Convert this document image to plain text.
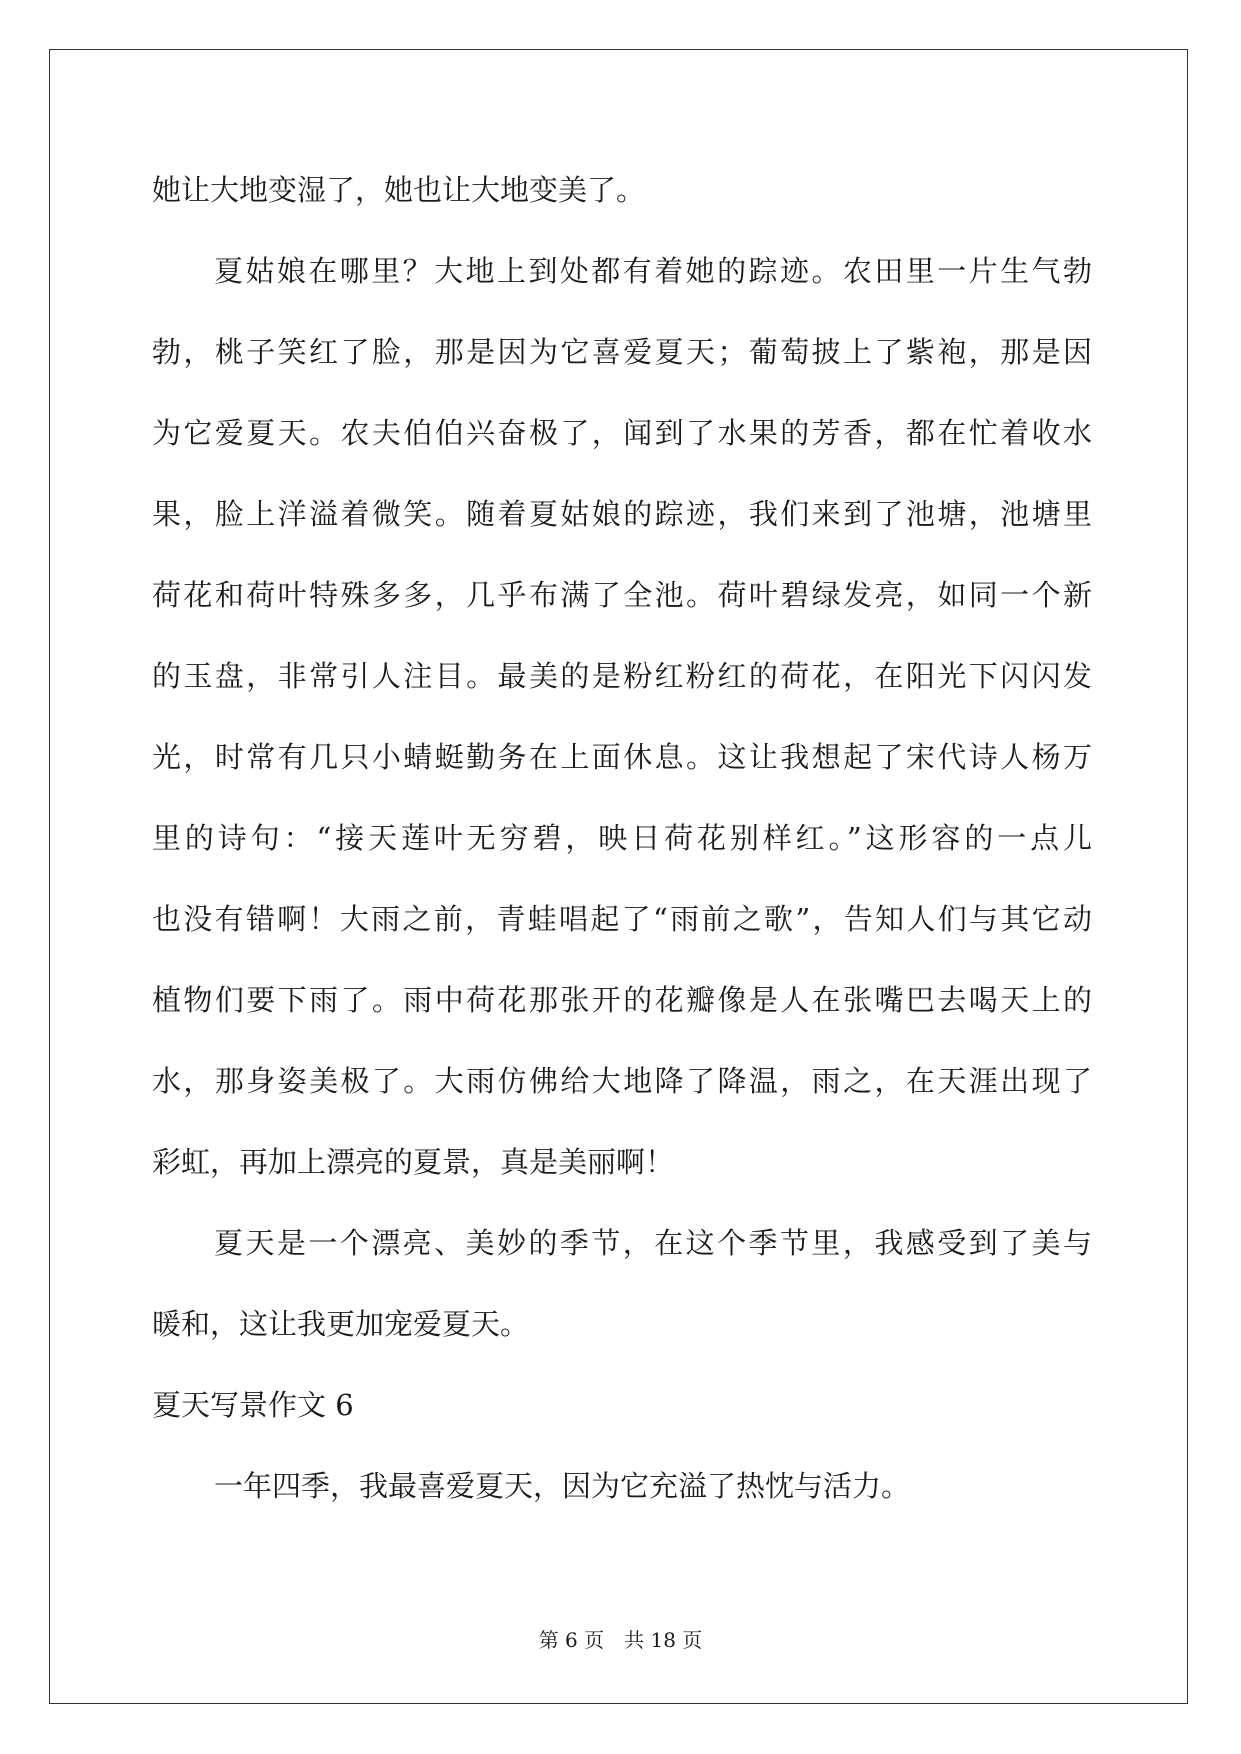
她让大地变湿了，她也让大地变美了。
夏姑娘在哪里？大地上到处都有着她的踪迹。农田里一片生气勃
勃，桃子笑红了脸，那是因为它喜爱夏天；葡萄披上了紫袍，那是因
为它爱夏天。农夫伯伯兴奋极了，闻到了水果的芳香，都在忙着收水
果，脸上洋溢着微笑。随着夏姑娘的踪迹，我们来到了池塘，池塘里
荷花和荷叶特殊多多，几乎布满了全池。荷叶碧绿发亮，如同一个新
的玉盘，非常引人注目。最美的是粉红粉红的荷花，在阳光下闪闪发
光，时常有几只小蜻蜓勤务在上面休息。这让我想起了宋代诗人杨万
里的诗句：“接天莲叶无穷碧，映日荷花别样红。”这形容的一点儿
也没有错啊！大雨之前，青蛙唱起了“雨前之歌”，告知人们与其它动
植物们要下雨了。雨中荷花那张开的花瓣像是人在张嘴巴去喝天上的
水，那身姿美极了。大雨仿佛给大地降了降温，雨之，在天涯出现了
彩虹，再加上漂亮的夏景，真是美丽啊！
夏天是一个漂亮、美妙的季节，在这个季节里，我感受到了美与
暖和，这让我更加宠爱夏天。
夏天写景作文 6
一年四季，我最喜爱夏天，因为它充溢了热忱与活力。
第 6 页 共 18 页
